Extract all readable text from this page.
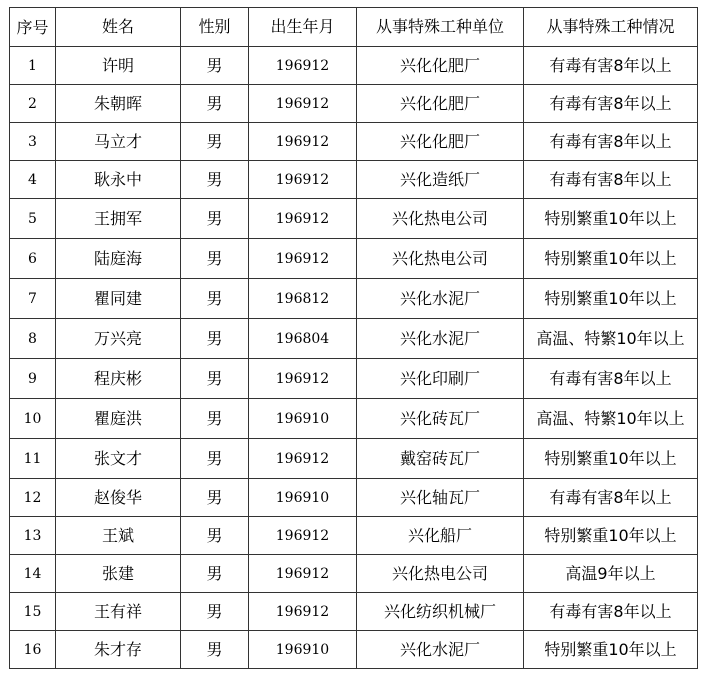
序号	姓名	性别	出生年月	从事特殊工种单位	从事特殊工种情况
1	许明	男	196912	兴化化肥厂	有毒有害8年以上
2	朱朝晖	男	196912	兴化化肥厂	有毒有害8年以上
3	马立才	男	196912	兴化化肥厂	有毒有害8年以上
4	耿永中	男	196912	兴化造纸厂	有毒有害8年以上
5	王拥军	男	196912	兴化热电公司	特别繁重10年以上
6	陆庭海	男	196912	兴化热电公司	特别繁重10年以上
7	瞿同建	男	196812	兴化水泥厂	特别繁重10年以上
8	万兴亮	男	196804	兴化水泥厂	高温、特繁10年以上
9	程庆彬	男	196912	兴化印刷厂	有毒有害8年以上
10	瞿庭洪	男	196910	兴化砖瓦厂	高温、特繁10年以上
11	张文才	男	196912	戴窑砖瓦厂	特别繁重10年以上
12	赵俊华	男	196910	兴化轴瓦厂	有毒有害8年以上
13	王斌	男	196912	兴化船厂	特别繁重10年以上
14	张建	男	196912	兴化热电公司	高温9年以上
15	王有祥	男	196912	兴化纺织机械厂	有毒有害8年以上
16	朱才存	男	196910	兴化水泥厂	特别繁重10年以上
